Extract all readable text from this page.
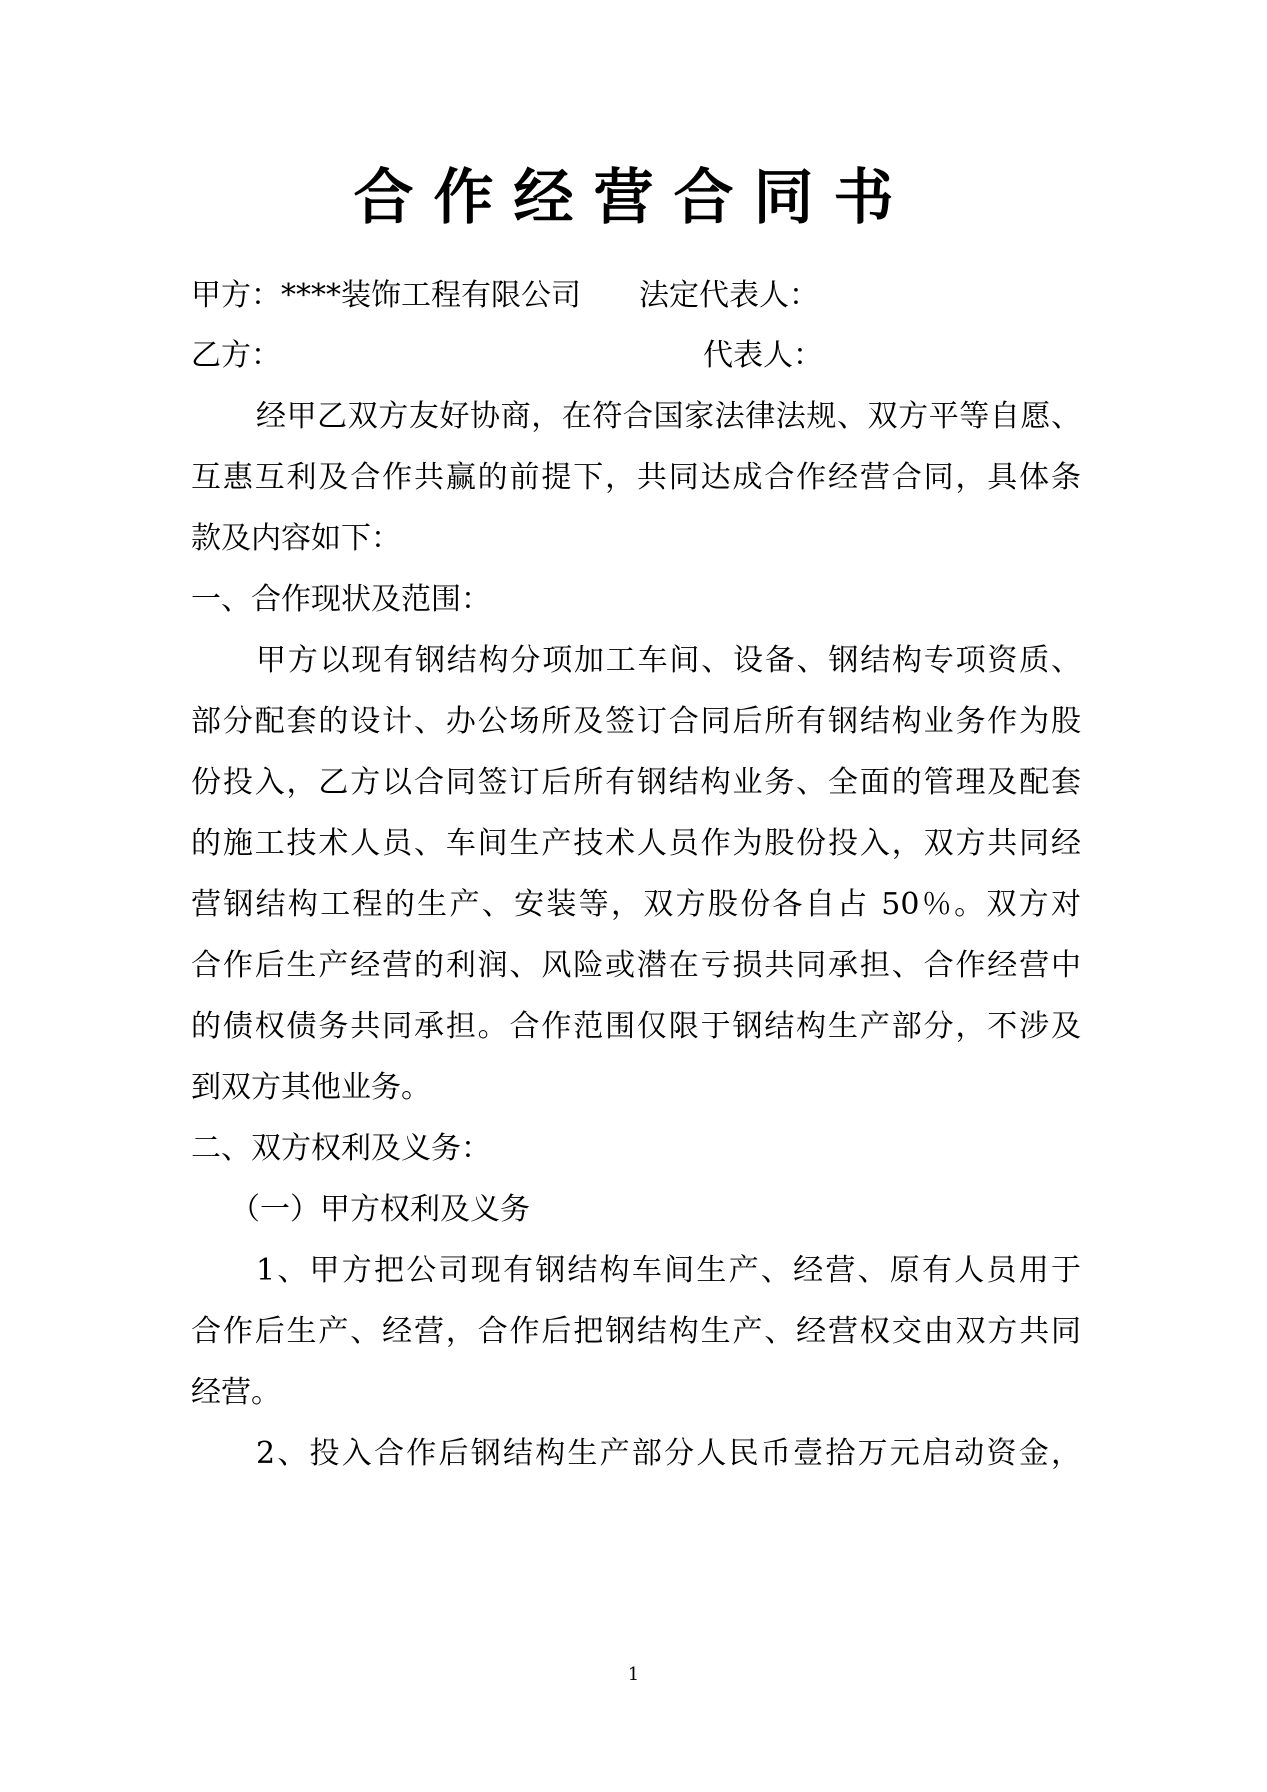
合作经营合同书
甲方：****装饰工程有限公司	法定代表人：
乙方：	代表人：
经甲乙双方友好协商，在符合国家法律法规、双方平等自愿、
互惠互利及合作共赢的前提下，共同达成合作经营合同，具体条
款及内容如下：
一、合作现状及范围：
甲方以现有钢结构分项加工车间、设备、钢结构专项资质、
部分配套的设计、办公场所及签订合同后所有钢结构业务作为股
份投入，乙方以合同签订后所有钢结构业务、全面的管理及配套
的施工技术人员、车间生产技术人员作为股份投入，双方共同经
营钢结构工程的生产、安装等，双方股份各自占 50％。双方对
合作后生产经营的利润、风险或潜在亏损共同承担、合作经营中
的债权债务共同承担。合作范围仅限于钢结构生产部分，不涉及
到双方其他业务。
二、双方权利及义务：
（一）甲方权利及义务
1、甲方把公司现有钢结构车间生产、经营、原有人员用于
合作后生产、经营，合作后把钢结构生产、经营权交由双方共同
经营。
2、投入合作后钢结构生产部分人民币壹拾万元启动资金，
1
